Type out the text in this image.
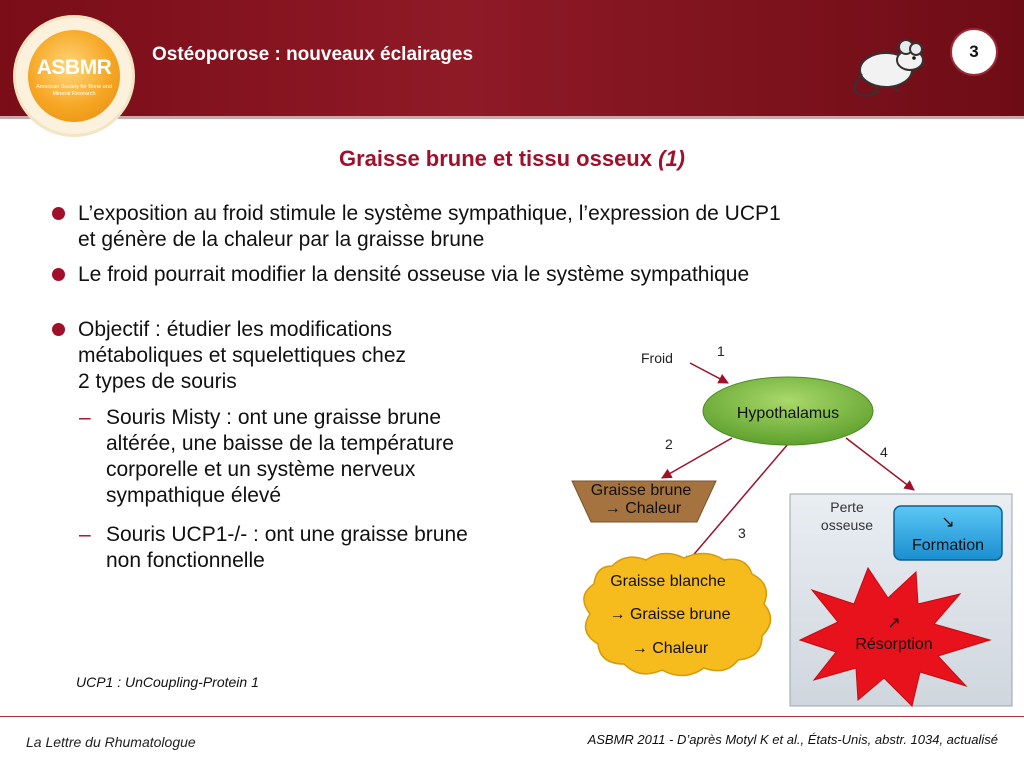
ASBMR
American Society for Bone and Mineral Research
Ostéoporose : nouveaux éclairages	3
Graisse brune et tissu osseux (1)
L’exposition au froid stimule le système sympathique, l’expression de UCP1
et génère de la chaleur par la graisse brune
Le froid pourrait modifier la densité osseuse via le système sympathique
Objectif : étudier les modifications
métaboliques et squelettiques chez
2 types de souris
– Souris Misty : ont une graisse brune
altérée, une baisse de la température
corporelle et un système nerveux
sympathique élevé
– Souris UCP1-/- : ont une graisse brune
non fonctionnelle
Froid	1
2
3
4
Hypothalamus
Graisse brune
→ Chaleur
Graisse blanche
→ Graisse brune
→ Chaleur
Perte
osseuse	↘
Formation
↗
Résorption
UCP1 : UnCoupling-Protein 1
La Lettre du Rhumatologue	ASBMR 2011 - D’après Motyl K et al., États-Unis, abstr. 1034, actualisé
